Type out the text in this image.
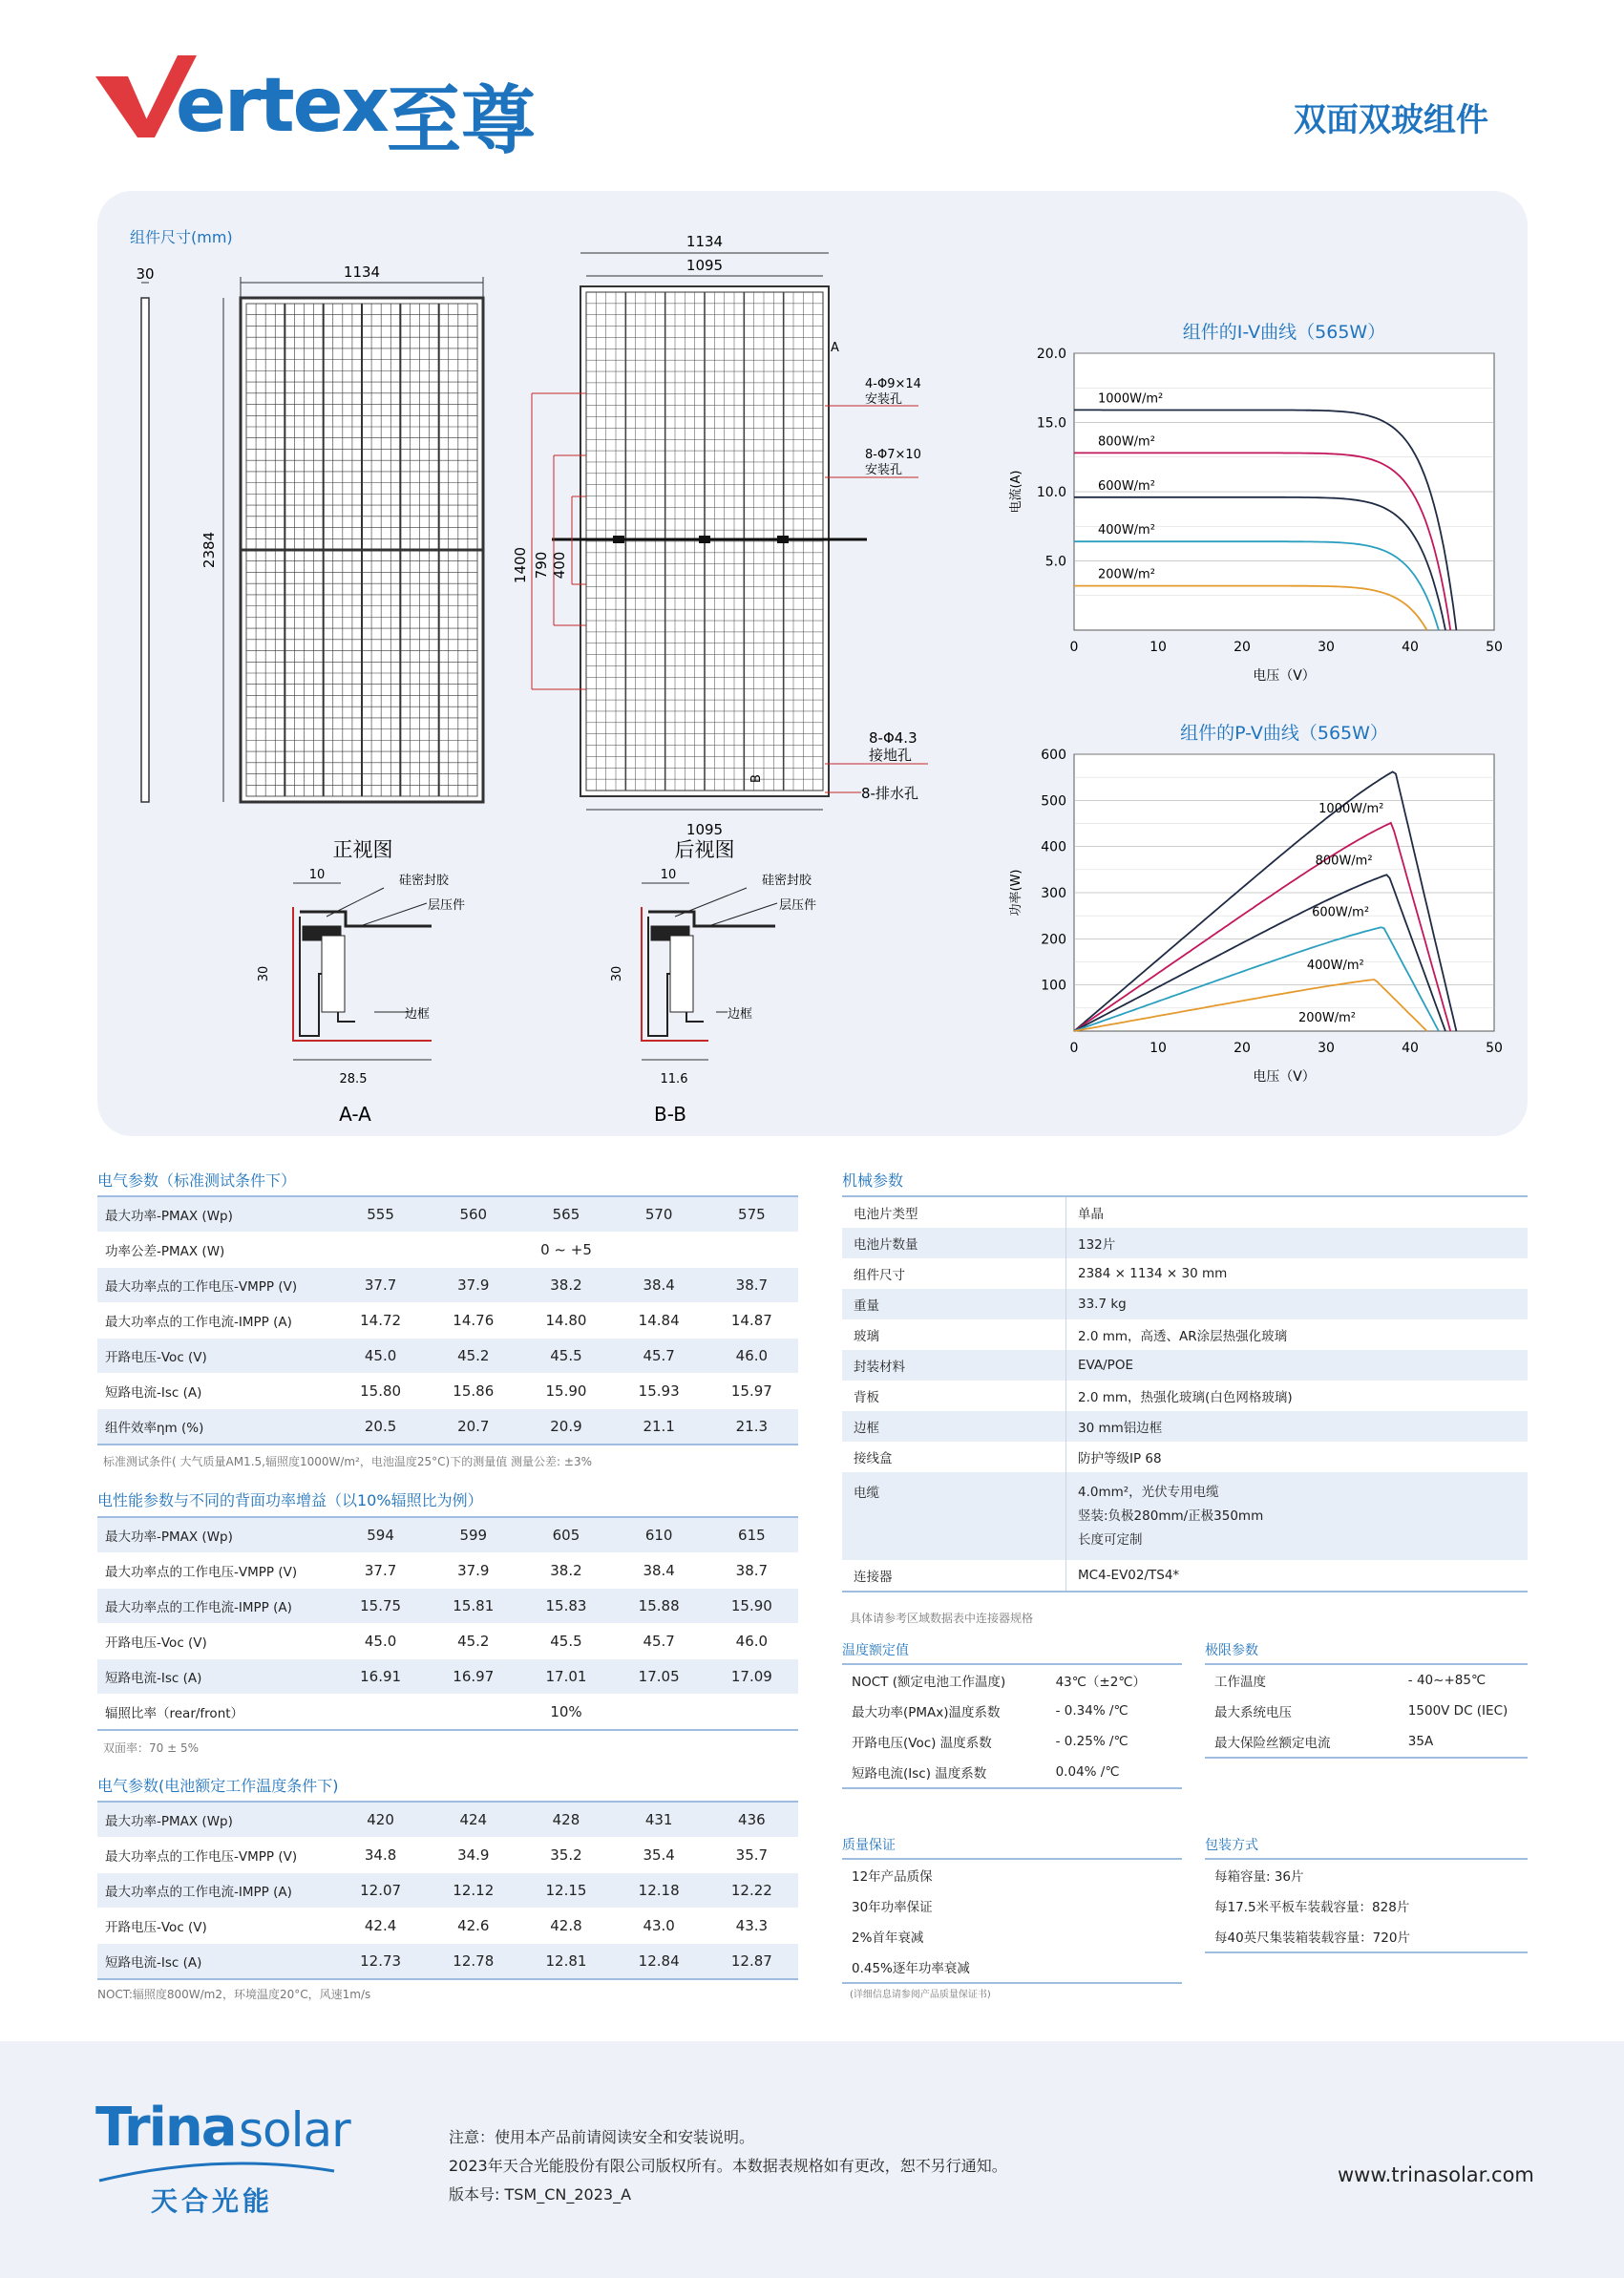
ertex 至尊	双面双玻组件
组件尺寸(mm)
30	1134
2384
正视图
1134
1095
1095
1400 790 400
A
B
4-Φ9×14
安装孔
8-Φ7×10
安装孔
8-Φ4.3
接地孔
8-排水孔
后视图
10
30
28.5
硅密封胶
层压件
边框
A-A
10
30
11.6
硅密封胶
层压件
边框
B-B
组件的I-V曲线（565W）
5.0
10.0
15.0
20.0
0	10	20	30	40	50
电压（V）
电流(A)
1000W/m²
800W/m²
600W/m²
400W/m²
200W/m²
组件的P-V曲线（565W）
100
200
300
400
500
600
0	10	20	30	40	50
电压（V）
功率(W)
1000W/m²
800W/m²
600W/m²
400W/m²
200W/m²
电气参数（标准测试条件下）
最大功率-PMAX (Wp)	555	560	565	570	575
功率公差-PMAX (W)	0 ~ +5				
最大功率点的工作电压-VMPP (V)	37.7	37.9	38.2	38.4	38.7
最大功率点的工作电流-IMPP (A)	14.72	14.76	14.80	14.84	14.87
开路电压-Voc (V)	45.0	45.2	45.5	45.7	46.0
短路电流-Isc (A)	15.80	15.86	15.90	15.93	15.97
组件效率ηm (%)	20.5	20.7	20.9	21.1	21.3
标准测试条件( 大气质量AM1.5,辐照度1000W/m²，电池温度25°C)下的测量值 测量公差: ±3%
电性能参数与不同的背面功率增益（以10%辐照比为例）
最大功率-PMAX (Wp)	594	599	605	610	615
最大功率点的工作电压-VMPP (V)	37.7	37.9	38.2	38.4	38.7
最大功率点的工作电流-IMPP (A)	15.75	15.81	15.83	15.88	15.90
开路电压-Voc (V)	45.0	45.2	45.5	45.7	46.0
短路电流-Isc (A)	16.91	16.97	17.01	17.05	17.09
辐照比率（rear/front）	10%				
双面率：70 ± 5%
电气参数(电池额定工作温度条件下)
最大功率-PMAX (Wp)	420	424	428	431	436
最大功率点的工作电压-VMPP (V)	34.8	34.9	35.2	35.4	35.7
最大功率点的工作电流-IMPP (A)	12.07	12.12	12.15	12.18	12.22
开路电压-Voc (V)	42.4	42.6	42.8	43.0	43.3
短路电流-Isc (A)	12.73	12.78	12.81	12.84	12.87
NOCT:辐照度800W/m2，环境温度20°C，风速1m/s
机械参数
电池片类型	单晶
电池片数量	132片
组件尺寸	2384 × 1134 × 30 mm
重量	33.7 kg
玻璃	2.0 mm，高透、AR涂层热强化玻璃
封装材料	EVA/POE
背板	2.0 mm，热强化玻璃(白色网格玻璃)
边框	30 mm铝边框
接线盒	防护等级IP 68
电缆	4.0mm²，光伏专用电缆
竖装:负极280mm/正极350mm
长度可定制

连接器	MC4-EV02/TS4*
具体请参考区域数据表中连接器规格
温度额定值
NOCT (额定电池工作温度)	43℃（±2℃）
最大功率(PMAx)温度系数	- 0.34% /℃
开路电压(Voc) 温度系数	- 0.25% /℃
短路电流(Isc) 温度系数	0.04% /℃
极限参数
工作温度	- 40~+85℃
最大系统电压	1500V DC (IEC)
最大保险丝额定电流	35A
质量保证
12年产品质保
30年功率保证
2%首年衰减
0.45%逐年功率衰减
(详细信息请参阅产品质量保证书)
包装方式
每箱容量: 36片
每17.5米平板车装载容量：828片
每40英尺集装箱装载容量：720片
Trina solar
天合光能
注意：使用本产品前请阅读安全和安装说明。
2023年天合光能股份有限公司版权所有。本数据表规格如有更改，恕不另行通知。
版本号: TSM_CN_2023_A
www.trinasolar.com
